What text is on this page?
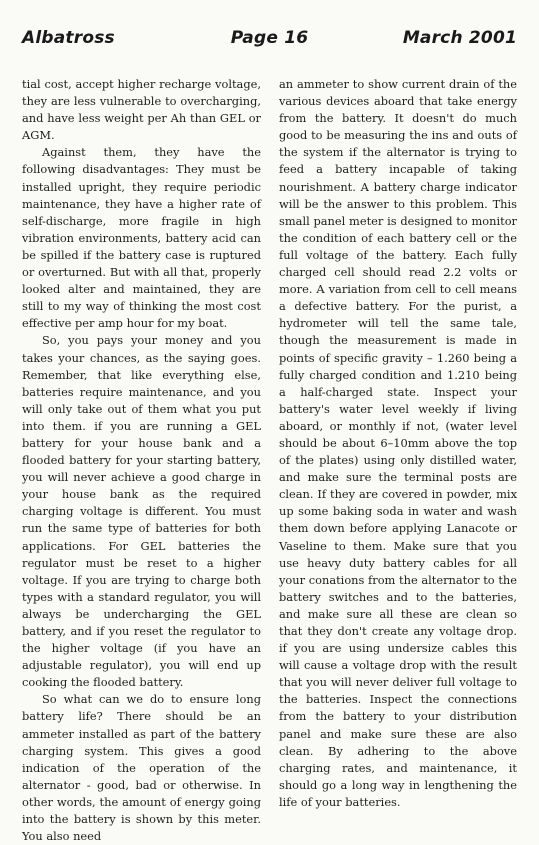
Albatross	Page 16	March 2001

tial cost, accept higher recharge voltage, they are less vulnerable to overcharging, and have less weight per Ah than GEL or AGM.

Against them, they have the following disadvantages: They must be installed upright, they require periodic maintenance, they have a higher rate of self-discharge, more fragile in high vibration environments, battery acid can be spilled if the battery case is ruptured or overturned. But with all that, properly looked alter and maintained, they are still to my way of thinking the most cost effective per amp hour for my boat.

So, you pays your money and you takes your chances, as the saying goes. Remember, that like everything else, batteries require maintenance, and you will only take out of them what you put into them. if you are running a GEL battery for your house bank and a flooded battery for your starting battery, you will never achieve a good charge in your house bank as the required charging voltage is different. You must run the same type of batteries for both applications. For GEL batteries the regulator must be reset to a higher voltage. If you are trying to charge both types with a standard regulator, you will always be undercharging the GEL battery, and if you reset the regulator to the higher voltage (if you have an adjustable regulator), you will end up cooking the flooded battery.

So what can we do to ensure long battery life? There should be an ammeter installed as part of the battery charging system. This gives a good indication of the operation of the alternator - good, bad or otherwise. In other words, the amount of energy going into the battery is shown by this meter. You also need

an ammeter to show current drain of the various devices aboard that take energy from the battery. It doesn't do much good to be measuring the ins and outs of the system if the alternator is trying to feed a battery incapable of taking nourishment. A battery charge indicator will be the answer to this problem. This small panel meter is designed to monitor the condition of each battery cell or the full voltage of the battery. Each fully charged cell should read 2.2 volts or more. A variation from cell to cell means a defective battery. For the purist, a hydrometer will tell the same tale, though the measurement is made in points of specific gravity – 1.260 being a fully charged condition and 1.210 being a half-charged state. Inspect your battery's water level weekly if living aboard, or monthly if not, (water level should be about 6–10mm above the top of the plates) using only distilled water, and make sure the terminal posts are clean. If they are covered in powder, mix up some baking soda in water and wash them down before applying Lanacote or Vaseline to them. Make sure that you use heavy duty battery cables for all your conations from the alternator to the battery switches and to the batteries, and make sure all these are clean so that they don't create any voltage drop. if you are using undersize cables this will cause a voltage drop with the result that you will never deliver full voltage to the batteries. Inspect the connections from the battery to your distribution panel and make sure these are also clean. By adhering to the above charging rates, and maintenance, it should go a long way in lengthening the life of your batteries.
